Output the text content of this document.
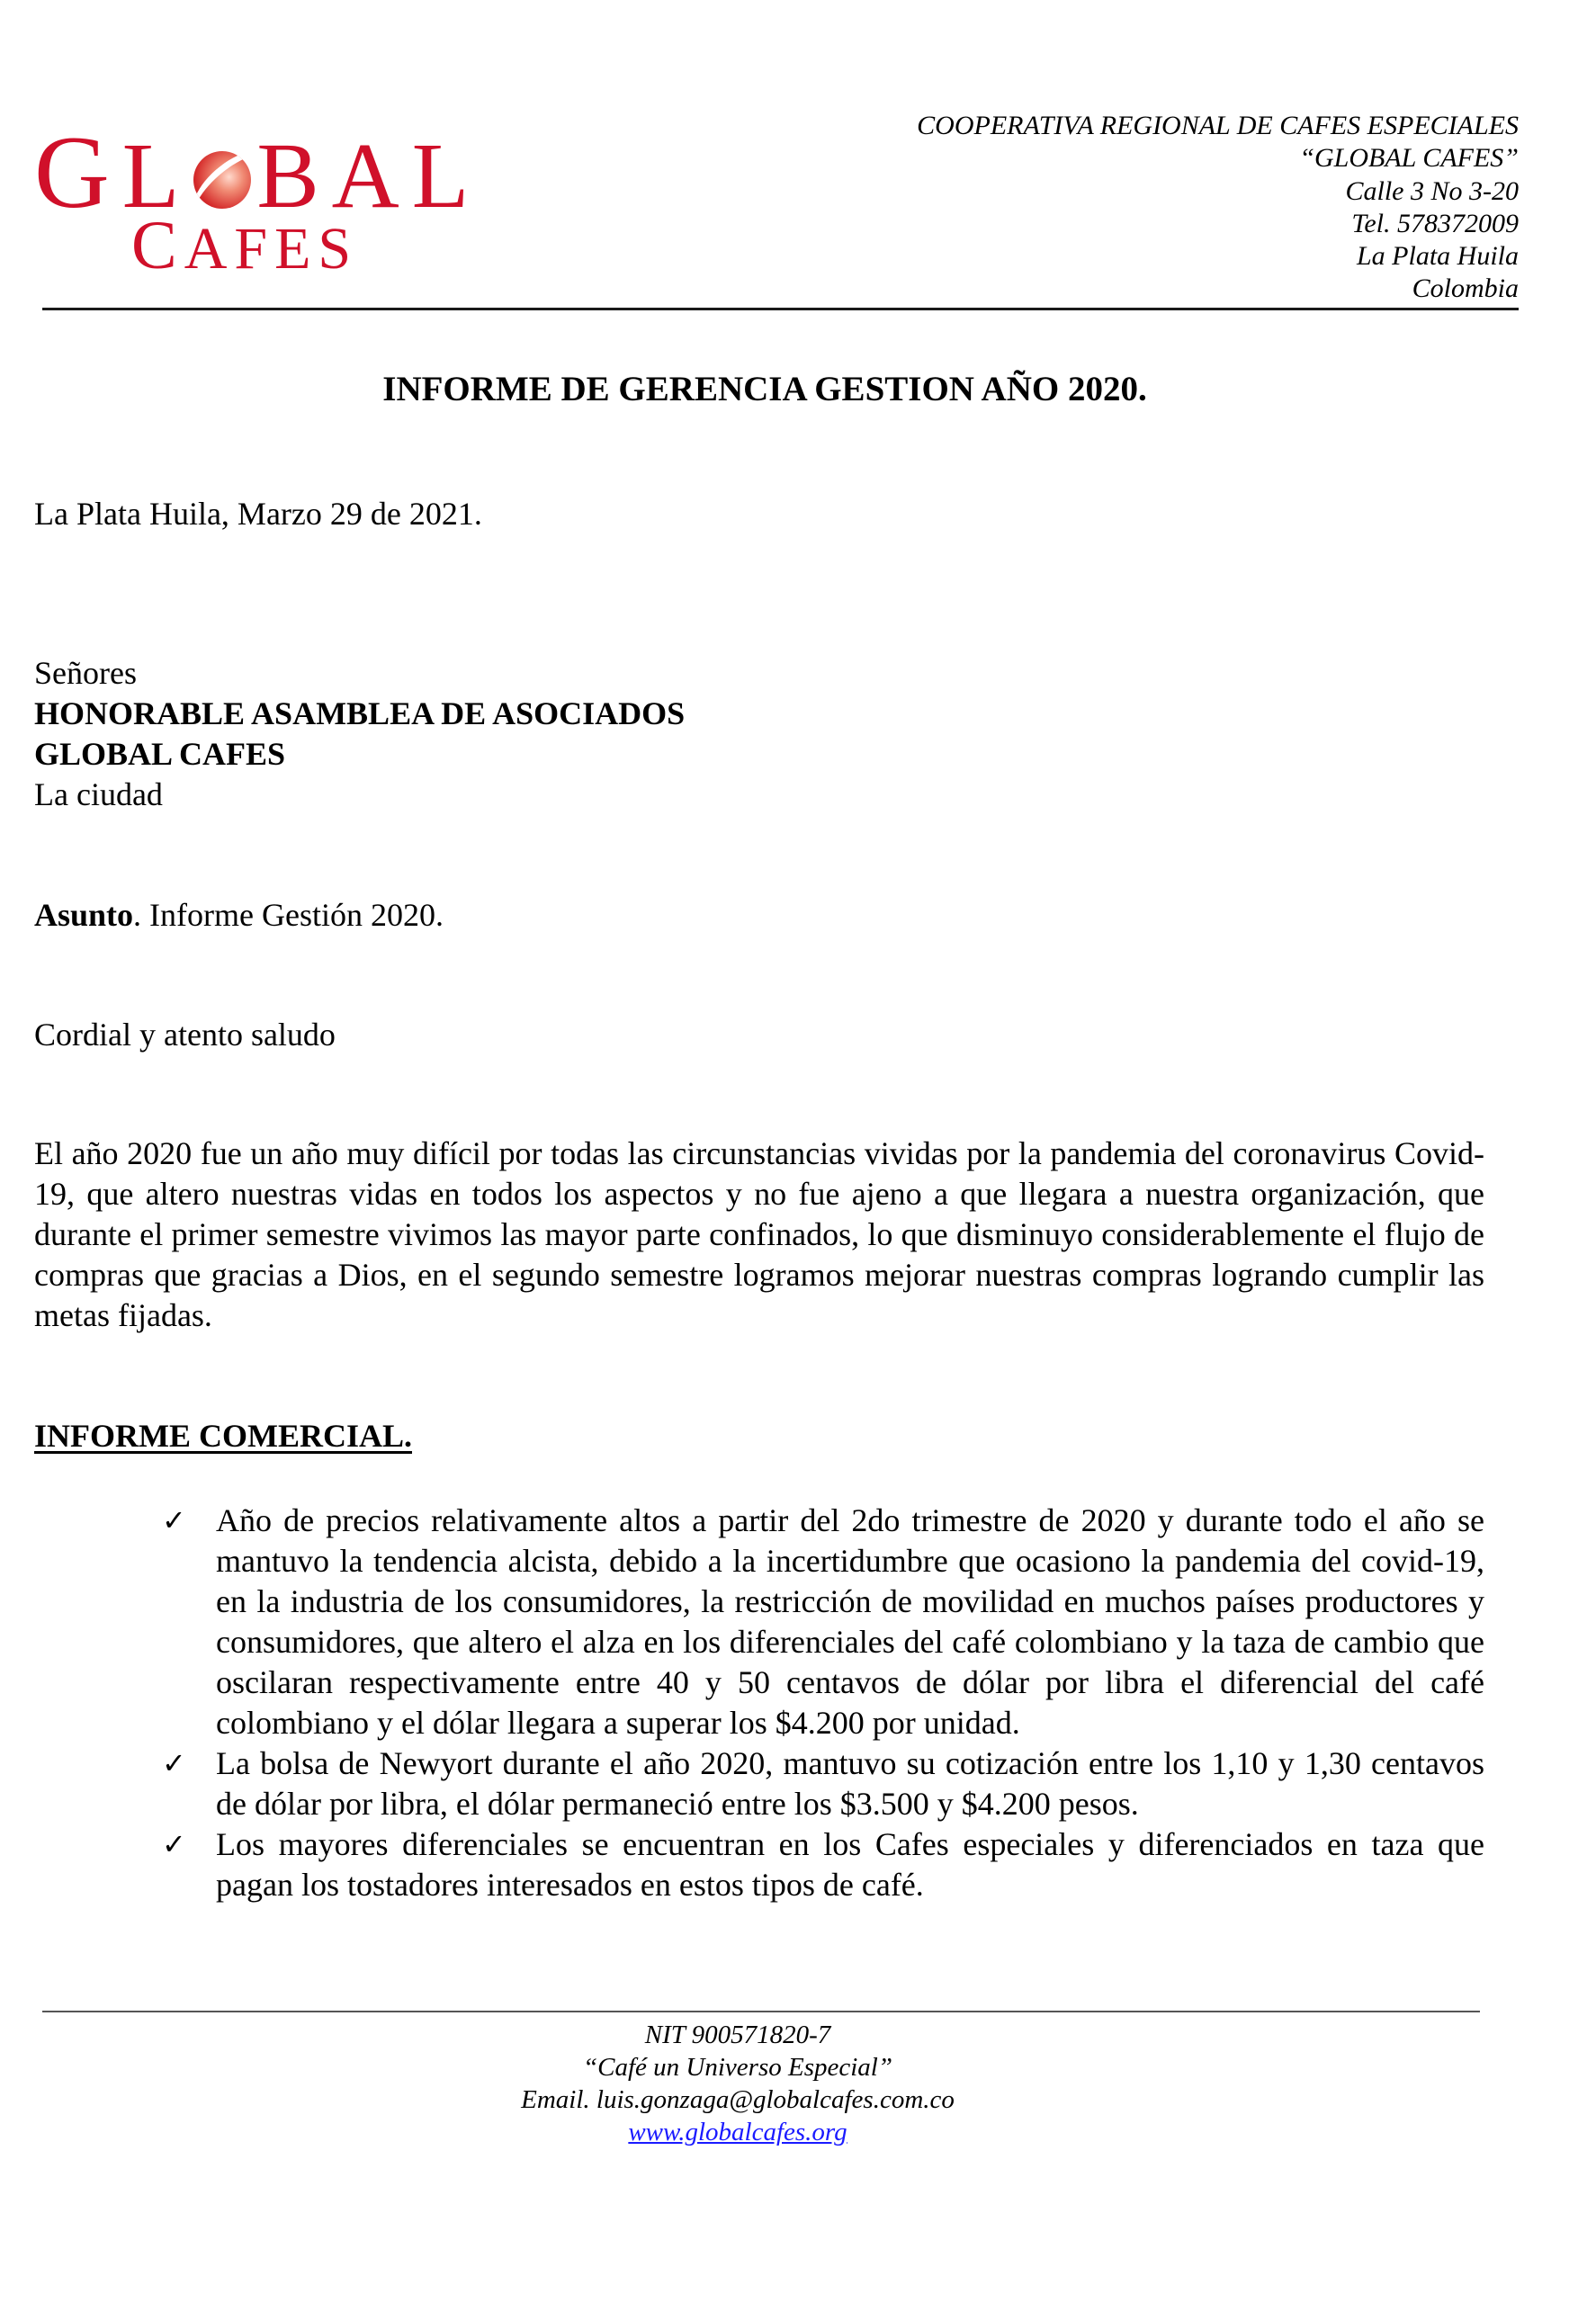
GL BAL
CAFES
COOPERATIVA REGIONAL DE CAFES ESPECIALES
“GLOBAL CAFES”
Calle 3 No 3-20
Tel. 578372009
La Plata Huila
Colombia
INFORME DE GERENCIA GESTION AÑO 2020.
La Plata Huila, Marzo 29 de 2021.
Señores
HONORABLE ASAMBLEA DE ASOCIADOS
GLOBAL CAFES
La ciudad
Asunto. Informe Gestión 2020.
Cordial y atento saludo
El año 2020 fue un año muy difícil por todas las circunstancias vividas por la pandemia del coronavirus Covid-19, que altero nuestras vidas en todos los aspectos y no fue ajeno a que llegara a nuestra organización, que durante el primer semestre vivimos las mayor parte confinados, lo que disminuyo considerablemente el flujo de compras que gracias a Dios, en el segundo semestre logramos mejorar nuestras compras logrando cumplir las metas fijadas.
INFORME COMERCIAL.
✓ Año de precios relativamente altos a partir del 2do trimestre de 2020 y durante todo el año se mantuvo la tendencia alcista, debido a la incertidumbre que ocasiono la pandemia del covid-19, en la industria de los consumidores, la restricción de movilidad en muchos países productores y consumidores, que altero el alza en los diferenciales del café colombiano y la taza de cambio que oscilaran respectivamente entre 40 y 50 centavos de dólar por libra el diferencial del café colombiano y el dólar llegara a superar los $4.200 por unidad.
✓ La bolsa de Newyort durante el año 2020, mantuvo su cotización entre los 1,10 y 1,30 centavos de dólar por libra, el dólar permaneció entre los $3.500 y $4.200 pesos.
✓ Los mayores diferenciales se encuentran en los Cafes especiales y diferenciados en taza que pagan los tostadores interesados en estos tipos de café.
NIT 900571820-7
“Café un Universo Especial”
Email. luis.gonzaga@globalcafes.com.co
www.globalcafes.org
